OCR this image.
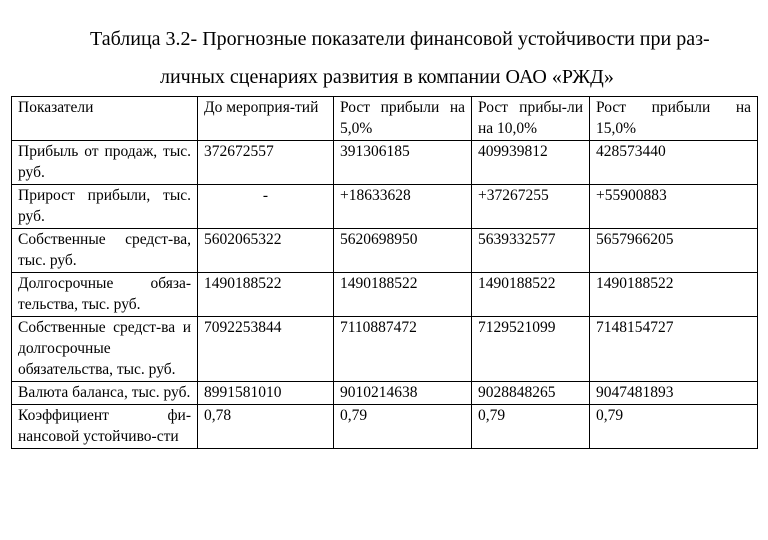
Таблица 3.2- Прогнозные показатели финансовой устойчивости при раз-
личных сценариях развития в компании ОАО «РЖД»
Показатели	До мероприя-тий	Рост прибыли на 5,0%	Рост прибы-ли на 10,0%	Рост прибыли на 15,0%
Прибыль от продаж, тыс. руб.	372672557	391306185	409939812	428573440
Прирост прибыли, тыс. руб.	-	+18633628	+37267255	+55900883
Собственные средст-ва, тыс. руб.	5602065322	5620698950	5639332577	5657966205
Долгосрочные обяза-тельства, тыс. руб.	1490188522	1490188522	1490188522	1490188522
Собственные средст-ва и долгосрочные обязательства, тыс. руб.	7092253844	7110887472	7129521099	7148154727
Валюта баланса, тыс. руб.	8991581010	9010214638	9028848265	9047481893
Коэффициент фи-нансовой устойчиво-сти	0,78	0,79	0,79	0,79
